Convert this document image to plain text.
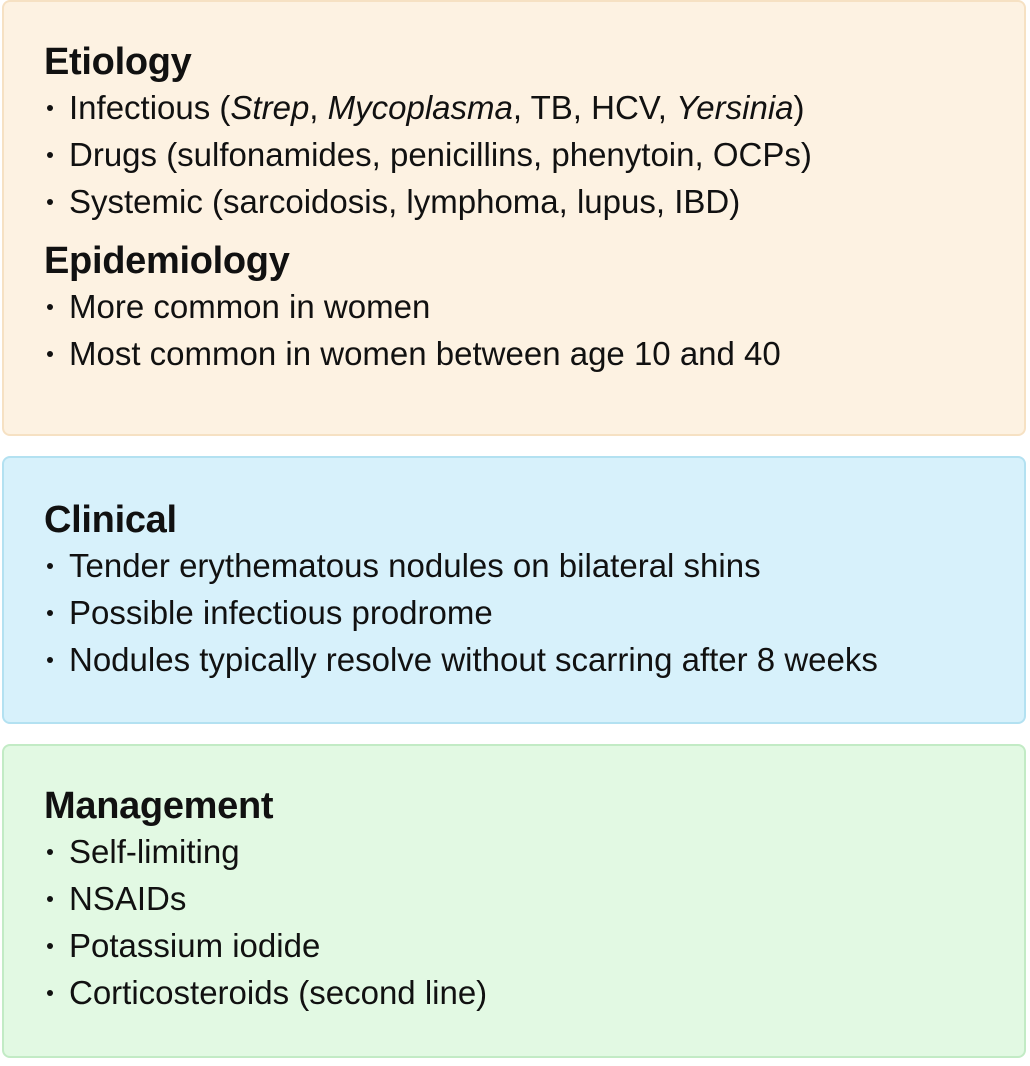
Etiology
Infectious (Strep, Mycoplasma, TB, HCV, Yersinia)
Drugs (sulfonamides, penicillins, phenytoin, OCPs)
Systemic (sarcoidosis, lymphoma, lupus, IBD)
Epidemiology
More common in women
Most common in women between age 10 and 40
Clinical
Tender erythematous nodules on bilateral shins
Possible infectious prodrome
Nodules typically resolve without scarring after 8 weeks
Management
Self-limiting
NSAIDs
Potassium iodide
Corticosteroids (second line)
